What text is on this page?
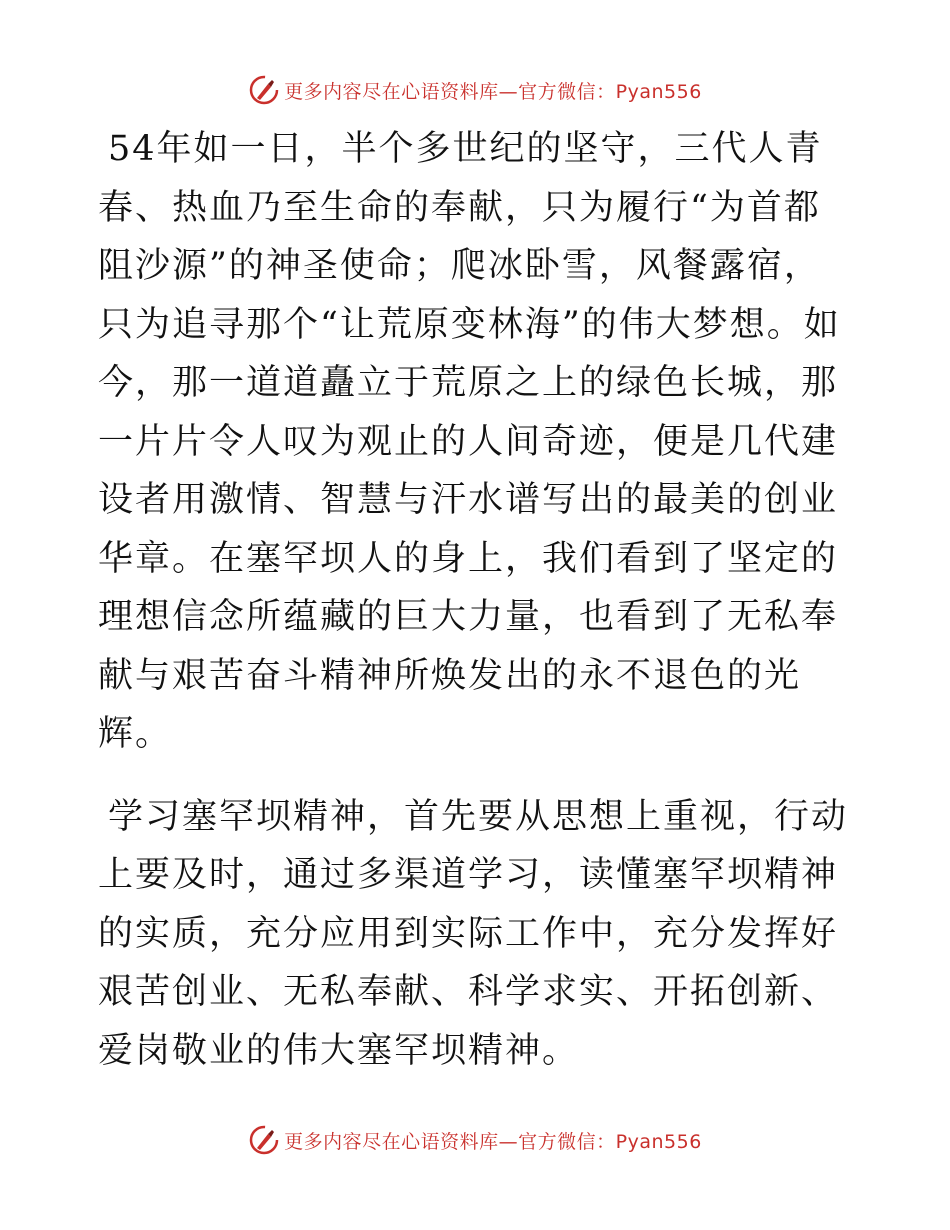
更多内容尽在心语资料库—官方微信：Pyan556

54年如一日，半个多世纪的坚守，三代人青春、热血乃至生命的奉献，只为履行“为首都阻沙源”的神圣使命；爬冰卧雪，风餐露宿，只为追寻那个“让荒原变林海”的伟大梦想。如今，那一道道矗立于荒原之上的绿色长城，那一片片令人叹为观止的人间奇迹，便是几代建设者用激情、智慧与汗水谱写出的最美的创业华章。在塞罕坝人的身上，我们看到了坚定的理想信念所蕴藏的巨大力量，也看到了无私奉献与艰苦奋斗精神所焕发出的永不退色的光辉。

学习塞罕坝精神，首先要从思想上重视，行动上要及时，通过多渠道学习，读懂塞罕坝精神的实质，充分应用到实际工作中，充分发挥好艰苦创业、无私奉献、科学求实、开拓创新、爱岗敬业的伟大塞罕坝精神。

更多内容尽在心语资料库—官方微信：Pyan556
